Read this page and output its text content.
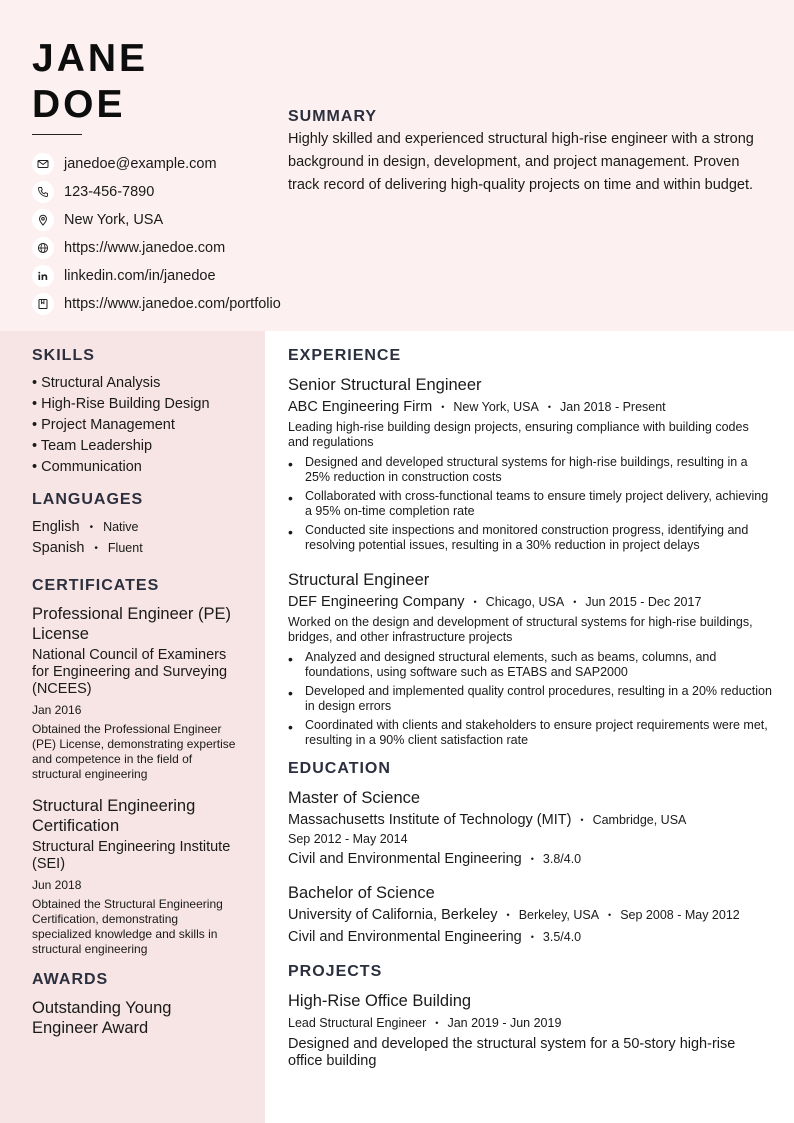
JANE
DOE
janedoe@example.com
123-456-7890
New York, USA
https://www.janedoe.com
linkedin.com/in/janedoe
https://www.janedoe.com/portfolio
SUMMARY

Highly skilled and experienced structural high-rise engineer with a strong background in design, development, and project management. Proven track record of delivering high-quality projects on time and within budget.

SKILLS
• Structural Analysis
• High-Rise Building Design
• Project Management
• Team Leadership
• Communication
LANGUAGES
English • Native
Spanish • Fluent
CERTIFICATES
Professional Engineer (PE) License
National Council of Examiners for Engineering and Surveying (NCEES)
Jan 2016
Obtained the Professional Engineer (PE) License, demonstrating expertise and competence in the field of structural engineering
Structural Engineering Certification
Structural Engineering Institute (SEI)
Jun 2018
Obtained the Structural Engineering Certification, demonstrating specialized knowledge and skills in structural engineering
AWARDS
Outstanding Young Engineer Award
EXPERIENCE
Senior Structural Engineer
ABC Engineering Firm • New York, USA • Jan 2018 - Present
Leading high-rise building design projects, ensuring compliance with building codes and regulations
• Designed and developed structural systems for high-rise buildings, resulting in a 25% reduction in construction costs
• Collaborated with cross-functional teams to ensure timely project delivery, achieving a 95% on-time completion rate
• Conducted site inspections and monitored construction progress, identifying and resolving potential issues, resulting in a 30% reduction in project delays
Structural Engineer
DEF Engineering Company • Chicago, USA • Jun 2015 - Dec 2017
Worked on the design and development of structural systems for high-rise buildings, bridges, and other infrastructure projects
• Analyzed and designed structural elements, such as beams, columns, and foundations, using software such as ETABS and SAP2000
• Developed and implemented quality control procedures, resulting in a 20% reduction in design errors
• Coordinated with clients and stakeholders to ensure project requirements were met, resulting in a 90% client satisfaction rate
EDUCATION
Master of Science
Massachusetts Institute of Technology (MIT) • Cambridge, USA
Sep 2012 - May 2014
Civil and Environmental Engineering • 3.8/4.0
Bachelor of Science
University of California, Berkeley • Berkeley, USA • Sep 2008 - May 2012
Civil and Environmental Engineering • 3.5/4.0
PROJECTS
High-Rise Office Building
Lead Structural Engineer • Jan 2019 - Jun 2019
Designed and developed the structural system for a 50-story high-rise office building
